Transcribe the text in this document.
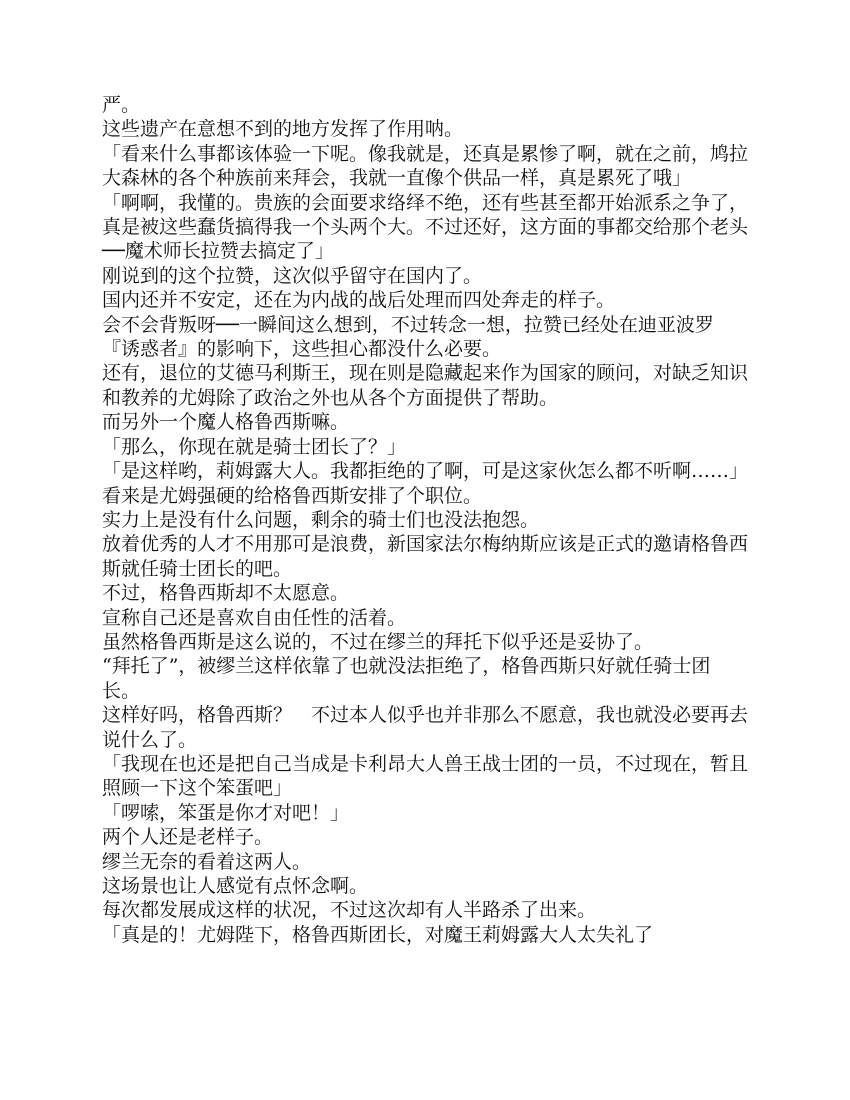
严。

这些遗产在意想不到的地方发挥了作用呐。

「看来什么事都该体验一下呢。像我就是，还真是累惨了啊，就在之前，鸠拉大森林的各个种族前来拜会，我就一直像个供品一样，真是累死了哦」

「啊啊，我懂的。贵族的会面要求络绎不绝，还有些甚至都开始派系之争了，真是被这些蠢货搞得我一个头两个大。不过还好，这方面的事都交给那个老头──魔术师长拉赞去搞定了」

刚说到的这个拉赞，这次似乎留守在国内了。

国内还并不安定，还在为内战的战后处理而四处奔走的样子。

会不会背叛呀──一瞬间这么想到，不过转念一想，拉赞已经处在迪亚波罗『诱惑者』的影响下，这些担心都没什么必要。

还有，退位的艾德马利斯王，现在则是隐藏起来作为国家的顾问，对缺乏知识和教养的尤姆除了政治之外也从各个方面提供了帮助。

而另外一个魔人格鲁西斯嘛。

「那么，你现在就是骑士团长了？」

「是这样哟，莉姆露大人。我都拒绝的了啊，可是这家伙怎么都不听啊……」

看来是尤姆强硬的给格鲁西斯安排了个职位。

实力上是没有什么问题，剩余的骑士们也没法抱怨。

放着优秀的人才不用那可是浪费，新国家法尔梅纳斯应该是正式的邀请格鲁西斯就任骑士团长的吧。

不过，格鲁西斯却不太愿意。

宣称自己还是喜欢自由任性的活着。

虽然格鲁西斯是这么说的，不过在缪兰的拜托下似乎还是妥协了。

“拜托了”，被缪兰这样依靠了也就没法拒绝了，格鲁西斯只好就任骑士团长。

这样好吗，格鲁西斯？　不过本人似乎也并非那么不愿意，我也就没必要再去说什么了。

「我现在也还是把自己当成是卡利昂大人兽王战士团的一员，不过现在，暂且照顾一下这个笨蛋吧」

「啰嗦，笨蛋是你才对吧！」

两个人还是老样子。

缪兰无奈的看着这两人。

这场景也让人感觉有点怀念啊。

每次都发展成这样的状况，不过这次却有人半路杀了出来。

「真是的！尤姆陛下，格鲁西斯团长，对魔王莉姆露大人太失礼了
